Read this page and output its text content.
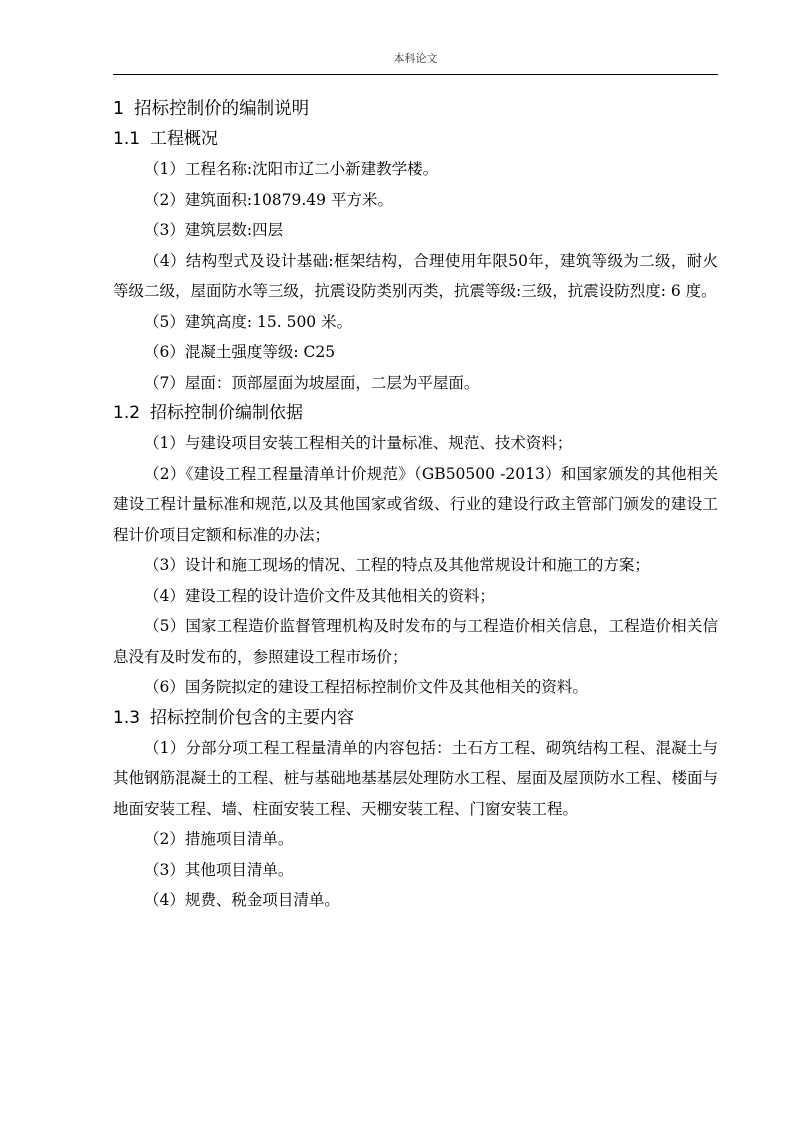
本科论文
1 招标控制价的编制说明
1.1 工程概况

（1）工程名称:沈阳市辽二小新建教学楼。

（2）建筑面积:10879.49 平方米。

（3）建筑层数:四层

（4）结构型式及设计基础:框架结构，合理使用年限50年，建筑等级为二级，耐火等级二级，屋面防水等三级，抗震设防类别丙类，抗震等级:三级，抗震设防烈度: 6 度。

（5）建筑高度: 15. 500 米。

（6）混凝土强度等级: C25

（7）屋面：顶部屋面为坡屋面，二层为平屋面。

1.2 招标控制价编制依据

（1）与建设项目安装工程相关的计量标准、规范、技术资料；

（2）《建设工程工程量清单计价规范》（GB50500 -2013）和国家颁发的其他相关建设工程计量标准和规范,以及其他国家或省级、行业的建设行政主管部门颁发的建设工程计价项目定额和标准的办法；

（3）设计和施工现场的情况、工程的特点及其他常规设计和施工的方案；

（4）建设工程的设计造价文件及其他相关的资料；

（5）国家工程造价监督管理机构及时发布的与工程造价相关信息，工程造价相关信息没有及时发布的，参照建设工程市场价；

（6）国务院拟定的建设工程招标控制价文件及其他相关的资料。

1.3 招标控制价包含的主要内容

（1）分部分项工程工程量清单的内容包括：土石方工程、砌筑结构工程、混凝土与其他钢筋混凝土的工程、桩与基础地基基层处理防水工程、屋面及屋顶防水工程、楼面与地面安装工程、墙、柱面安装工程、天棚安装工程、门窗安装工程。

（2）措施项目清单。

（3）其他项目清单。

（4）规费、税金项目清单。
